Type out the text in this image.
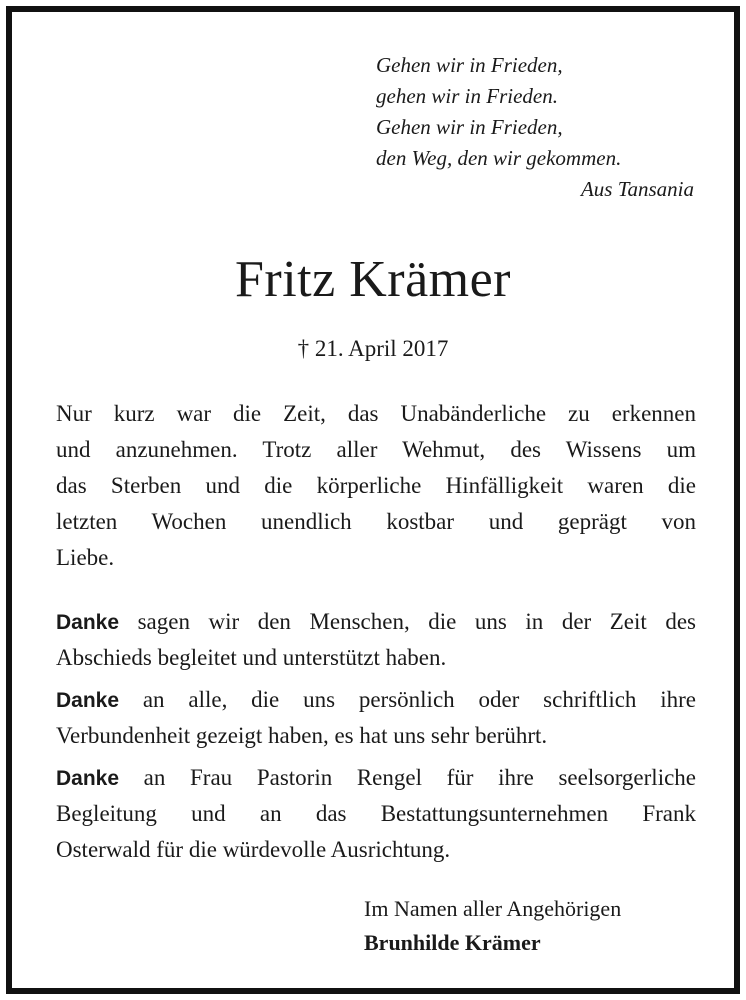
Gehen wir in Frieden,
gehen wir in Frieden.
Gehen wir in Frieden,
den Weg, den wir gekommen.
Aus Tansania
Fritz Krämer
† 21. April 2017
Nur kurz war die Zeit, das Unabänderliche zu erkennen
und anzunehmen. Trotz aller Wehmut, des Wissens um
das Sterben und die körperliche Hinfälligkeit waren die
letzten Wochen unendlich kostbar und geprägt von
Liebe.
Danke sagen wir den Menschen, die uns in der Zeit des
Abschieds begleitet und unterstützt haben.
Danke an alle, die uns persönlich oder schriftlich ihre
Verbundenheit gezeigt haben, es hat uns sehr berührt.
Danke an Frau Pastorin Rengel für ihre seelsorgerliche
Begleitung und an das Bestattungsunternehmen Frank
Osterwald für die würdevolle Ausrichtung.
Im Namen aller Angehörigen
Brunhilde Krämer
